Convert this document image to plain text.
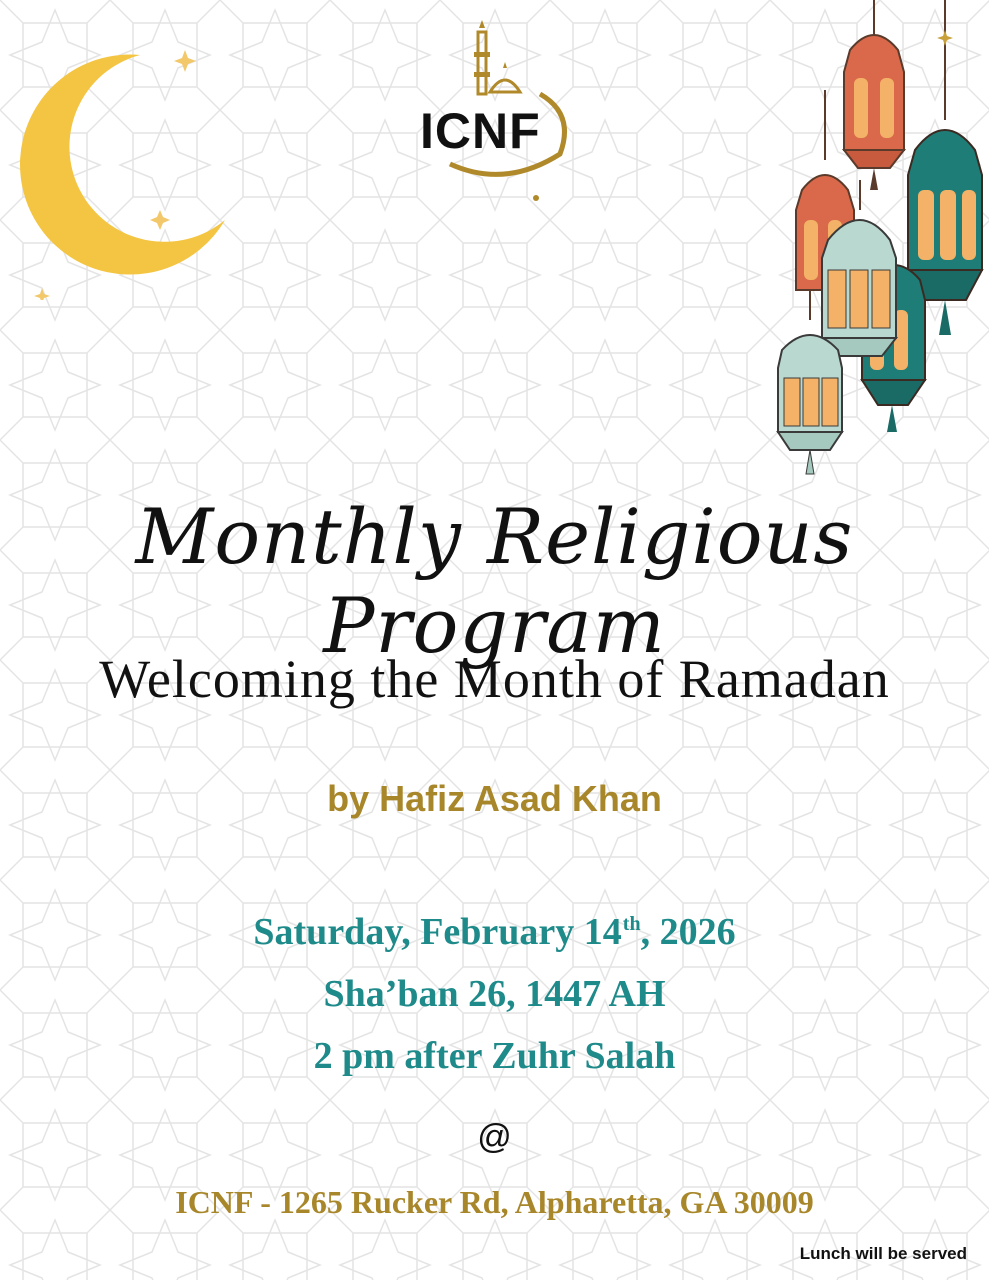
ICNF
Monthly Religious Program
Welcoming the Month of Ramadan
by Hafiz Asad Khan
Saturday, February 14th, 2026
Sha’ban 26, 1447 AH
2 pm after Zuhr Salah
@
ICNF - 1265 Rucker Rd, Alpharetta, GA 30009
Lunch will be served
